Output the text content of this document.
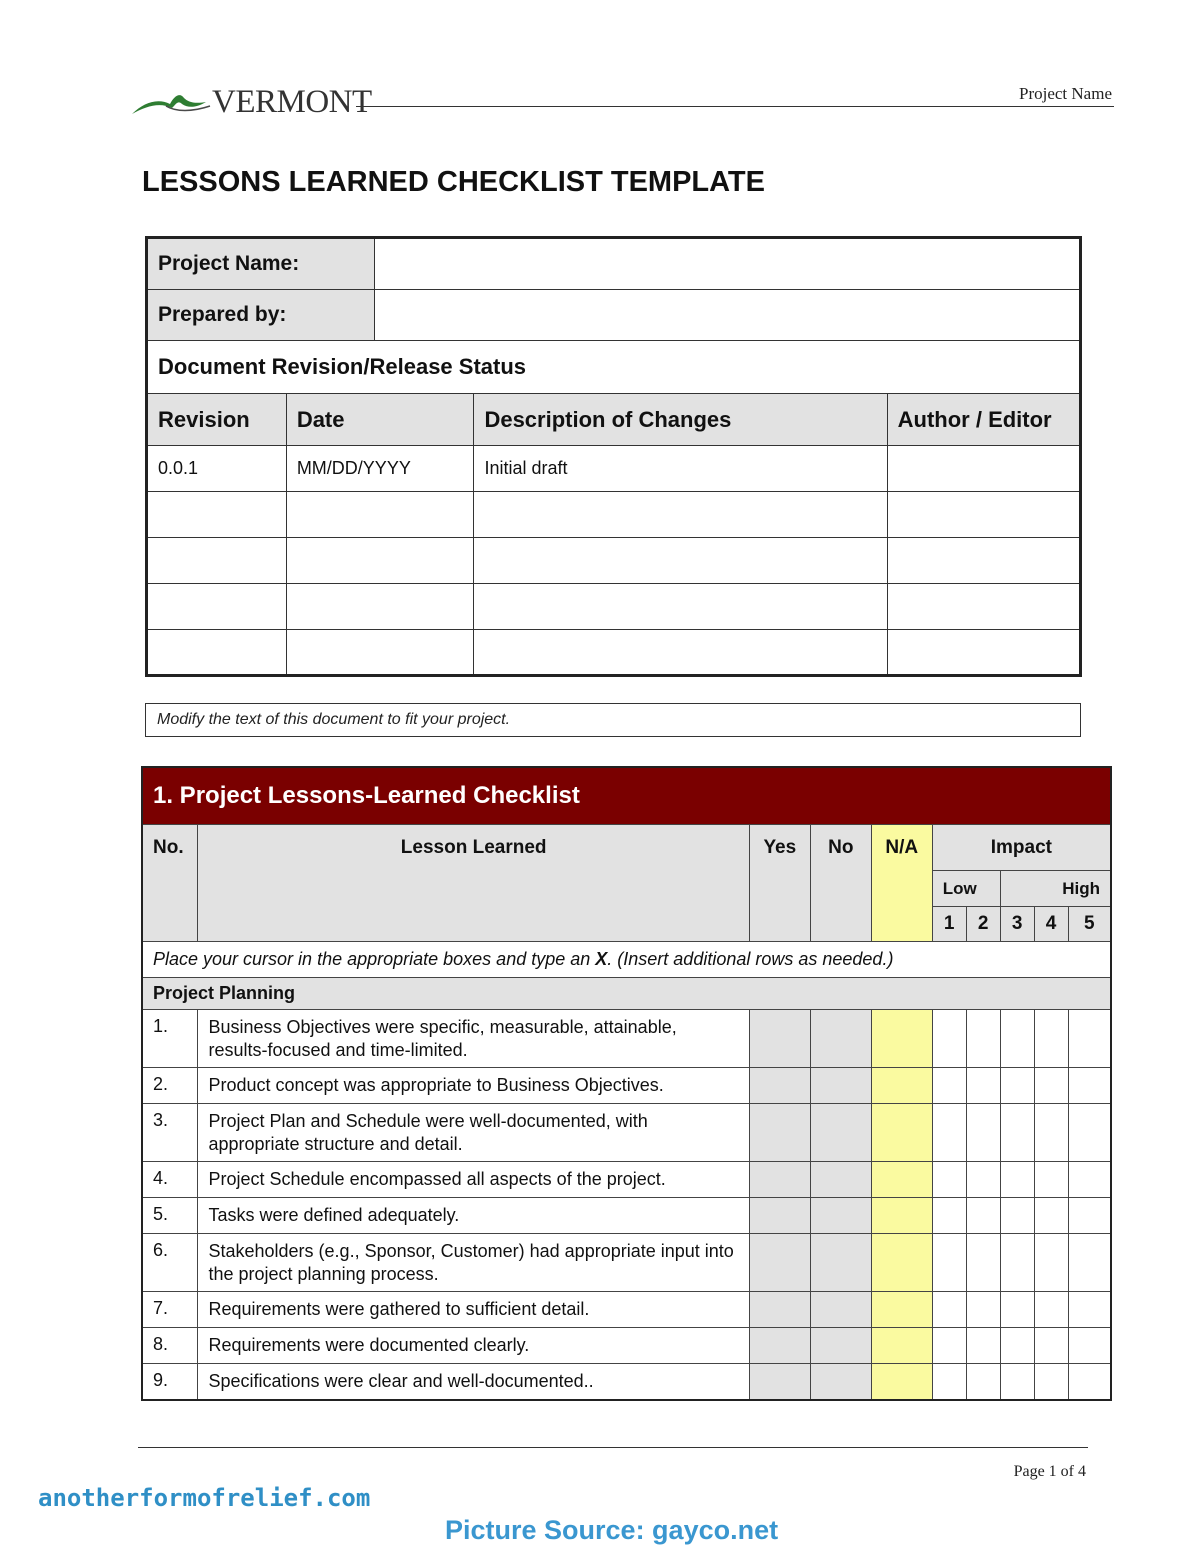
VERMONT	Project Name
LESSONS LEARNED CHECKLIST TEMPLATE
Project Name:				
Prepared by:				
Document Revision/Release Status				
Revision	Date		Description of Changes	Author / Editor
0.0.1	MM/DD/YYYY		Initial draft	

Modify the text of this document to fit your project.
1. Project Lessons-Learned Checklist									
No.	Lesson Learned	Yes	No	N/A	Impact				
					Low		High		
					1	2	3	4	5
Place your cursor in the appropriate boxes and type an X. (Insert additional rows as needed.)									
Project Planning									
1.	Business Objectives were specific, measurable, attainable, results-focused and time-limited.								
2.	Product concept was appropriate to Business Objectives.								
3.	Project Plan and Schedule were well-documented, with appropriate structure and detail.								
4.	Project Schedule encompassed all aspects of the project.								
5.	Tasks were defined adequately.								
6.	Stakeholders (e.g., Sponsor, Customer) had appropriate input into the project planning process.								
7.	Requirements were gathered to sufficient detail.								
8.	Requirements were documented clearly.								
9.	Specifications were clear and well-documented..								
Page 1 of 4
anotherformofrelief.com
Picture Source: gayco.net
